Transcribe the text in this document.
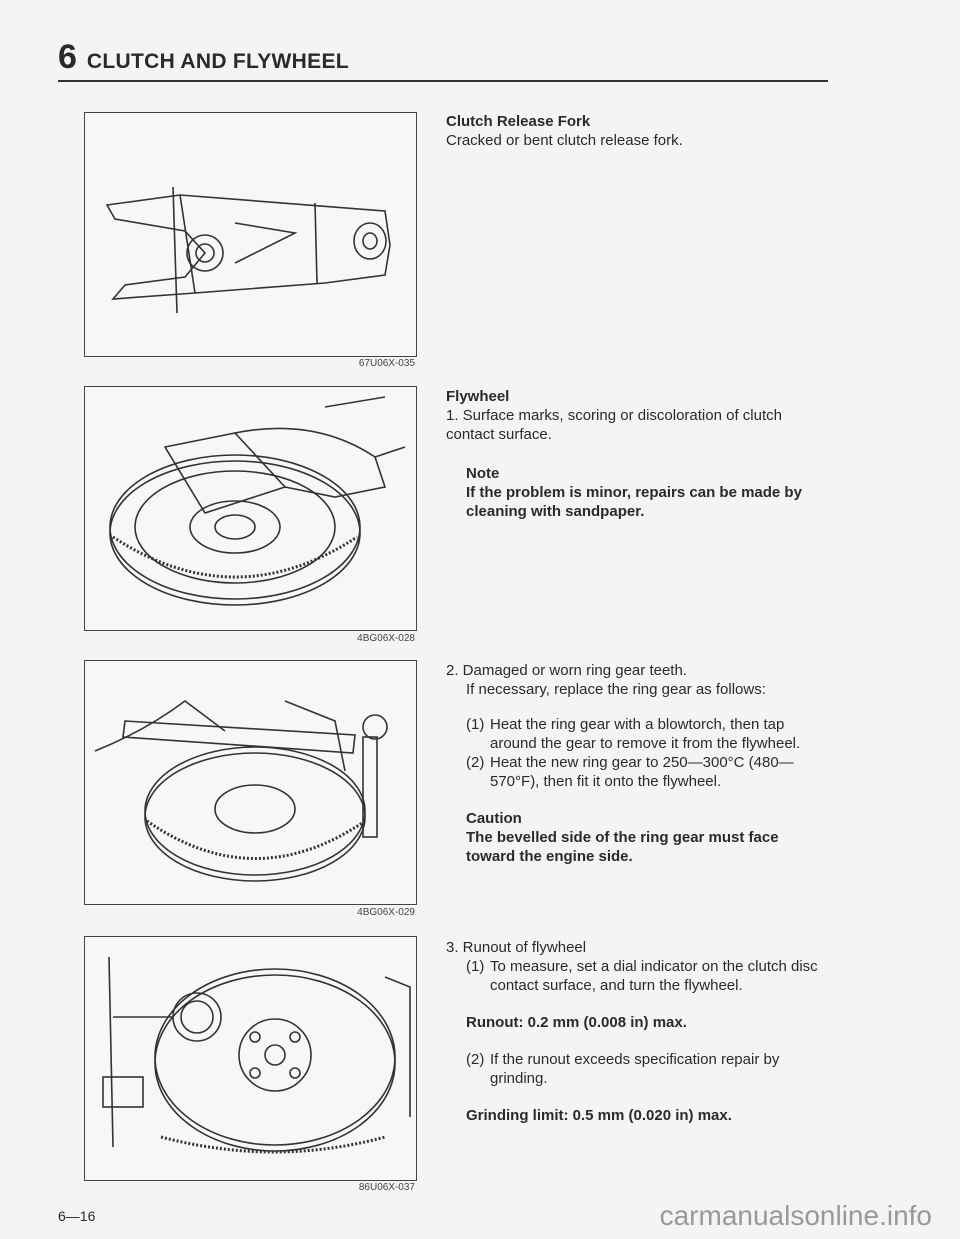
6 CLUTCH AND FLYWHEEL
67U06X-035
4BG06X-028
4BG06X-029
86U06X-037

Clutch Release Fork

Cracked or bent clutch release fork.

Flywheel

1. Surface marks, scoring or discoloration of clutch contact surface.

Note

If the problem is minor, repairs can be made by cleaning with sandpaper.

2. Damaged or worn ring gear teeth.

If necessary, replace the ring gear as follows:

(1) Heat the ring gear with a blowtorch, then tap around the gear to remove it from the flywheel.
(2) Heat the new ring gear to 250—300°C (480—570°F), then fit it onto the flywheel.

Caution

The bevelled side of the ring gear must face toward the engine side.

3. Runout of flywheel

(1) To measure, set a dial indicator on the clutch disc contact surface, and turn the flywheel.

Runout: 0.2 mm (0.008 in) max.

(2) If the runout exceeds specification repair by grinding.

Grinding limit: 0.5 mm (0.020 in) max.

6—16	carmanualsonline.info
